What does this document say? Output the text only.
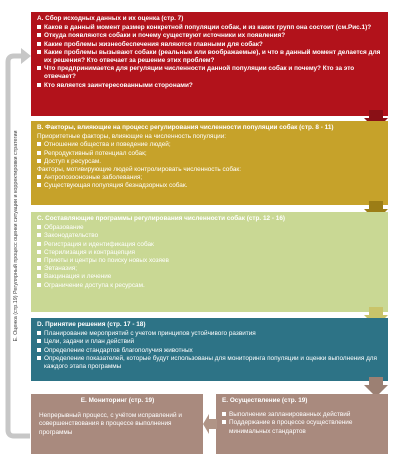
E. Оценка (стр.19) Регулярный процесс оценки ситуации и корректировки стратегии
А. Сбор исходных данных и их оценка (стр. 7)
Каков в данный момент размер конкретной популяции собак, и из каких групп она состоит (см.Рис.1)?
Откуда появляются собаки и почему существуют источники их появления?
Какие проблемы жизнеобеспечения являются главными для собак?
Какие проблемы вызывают собаки (реальные или воображаемые), и что в данный момент делается для их решения? Кто отвечает за решение этих проблем?
Что предпринимается для регуляции численности данной популяции собак и почему? Кто за это отвечает?
Кто является заинтересованными сторонами?
B. Факторы, влияющие на процесс регулирования численности популяции собак (стр. 8 - 11)
Приоритетные факторы, влияющие на численность популяции:
Отношение общества и поведение людей;
Репродуктивный потенциал собак;
Доступ к ресурсам.
Факторы, мотивирующие людей контролировать численность собак:
Антропозоонозные заболевания;
Существующая популяция безнадзорных собак.
C. Составляющие программы регулирования численности собак (стр. 12 - 16)
Образование
Законодательство
Регистрация и идентификация собак
Стерилизация и контрацепция
Приюты и центры по поиску новых хозяев
Эвтаназия;
Вакцинация и лечение
Ограничение доступа к ресурсам.
D. Принятие решения (стр. 17 - 18)
Планирование мероприятий с учетом принципов устойчивого развития
Цели, задачи и план действий
Определение стандартов благополучия животных
Определение показателей, которые будут использованы для мониторинга популяции и оценки выполнения для каждого этапа программы
E. Осуществление (стр. 19)
Выполнение запланированных действий
Поддержание в процессе осуществление минимальных стандартов
E. Мониторинг (стр. 19)
Непрерывный процесс, с учётом исправлений и совершенствования в процессе выполнения программы
